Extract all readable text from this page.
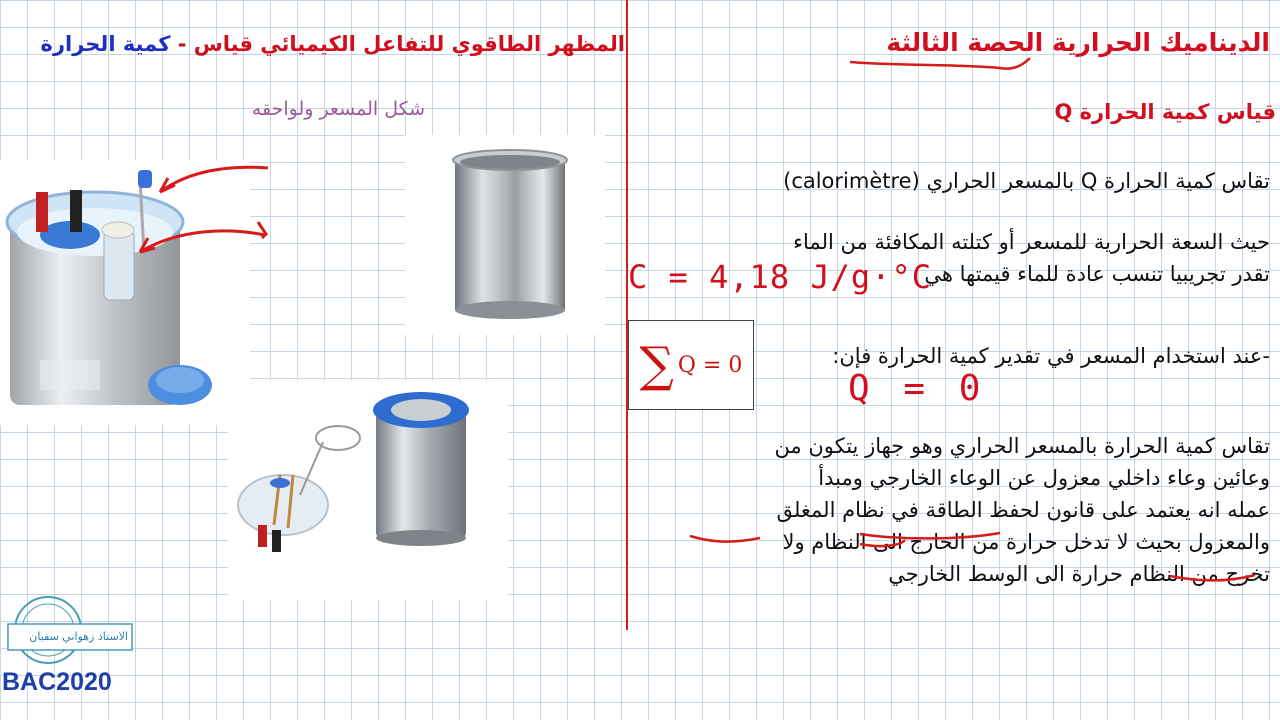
المظهر الطاقوي للتفاعل الكيميائي قياس - كمية الحرارة
شكل المسعر ولواحقه
الديناميك الحرارية الحصة الثالثة
قياس كمية الحرارة Q
تقاس كمية الحرارة Q بالمسعر الحراري (calorimètre)
حيث السعة الحرارية للمسعر أو كتلته المكافئة من الماء
تقدر تجريبيا تنسب عادة للماء قيمتها هي
-عند استخدام المسعر في تقدير كمية الحرارة فإن:
∑ Q = 0
تقاس كمية الحرارة بالمسعر الحراري وهو جهاز يتكون من
وعائين وعاء داخلي معزول عن الوعاء الخارجي ومبدأ
عمله انه يعتمد على قانون لحفظ الطاقة في نظام المغلق
والمعزول بحيث لا تدخل حرارة من الخارج الى النظام ولا
تخرج من النظام حرارة الى الوسط الخارجي
C = 4,18 J/g·°C
Q = 0
الاستاذ زهواني سفيان
BAC2020
